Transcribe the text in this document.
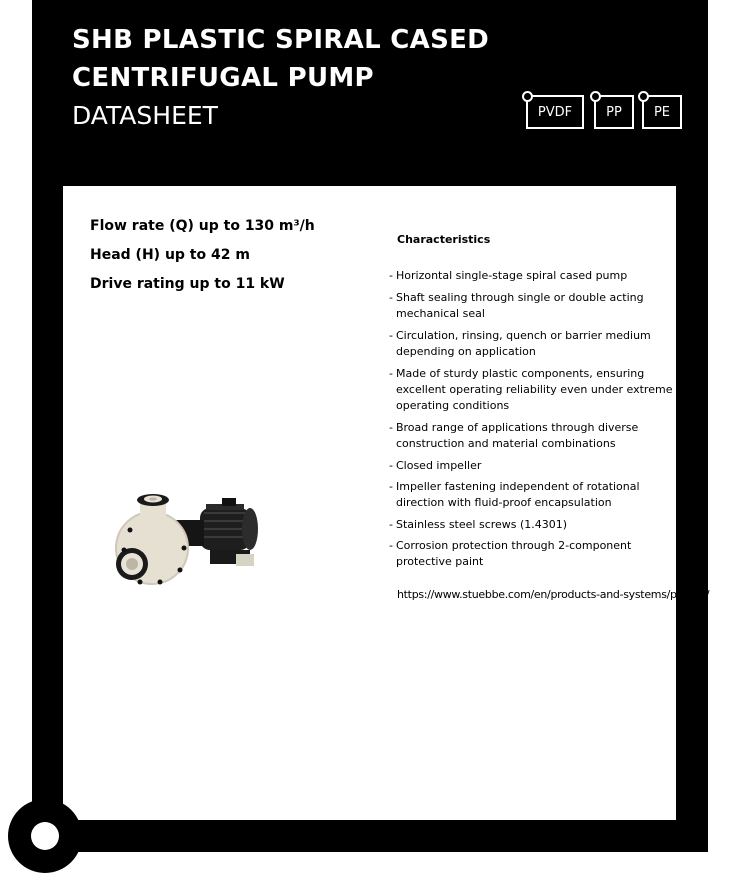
SHB PLASTIC SPIRAL CASED
CENTRIFUGAL PUMP
DATASHEET	PVDF	PP PE

Flow rate (Q) up to 130 m³/h

Head (H) up to 42 m

Drive rating up to 11 kW

Characteristics

- Horizontal single-stage spiral cased pump
- Shaft sealing through single or double acting mechanical seal
- Circulation, rinsing, quench or barrier medium depending on application
- Made of sturdy plastic components, ensuring excellent operating reliability even under extreme operating conditions
- Broad range of applications through diverse construction and material combinations
- Closed impeller
- Impeller fastening independent of rotational direction with fluid-proof encapsulation
- Stainless steel screws (1.4301)
- Corrosion protection through 2-component protective paint
https://www.stuebbe.com/en/products-and-systems/pumps/
